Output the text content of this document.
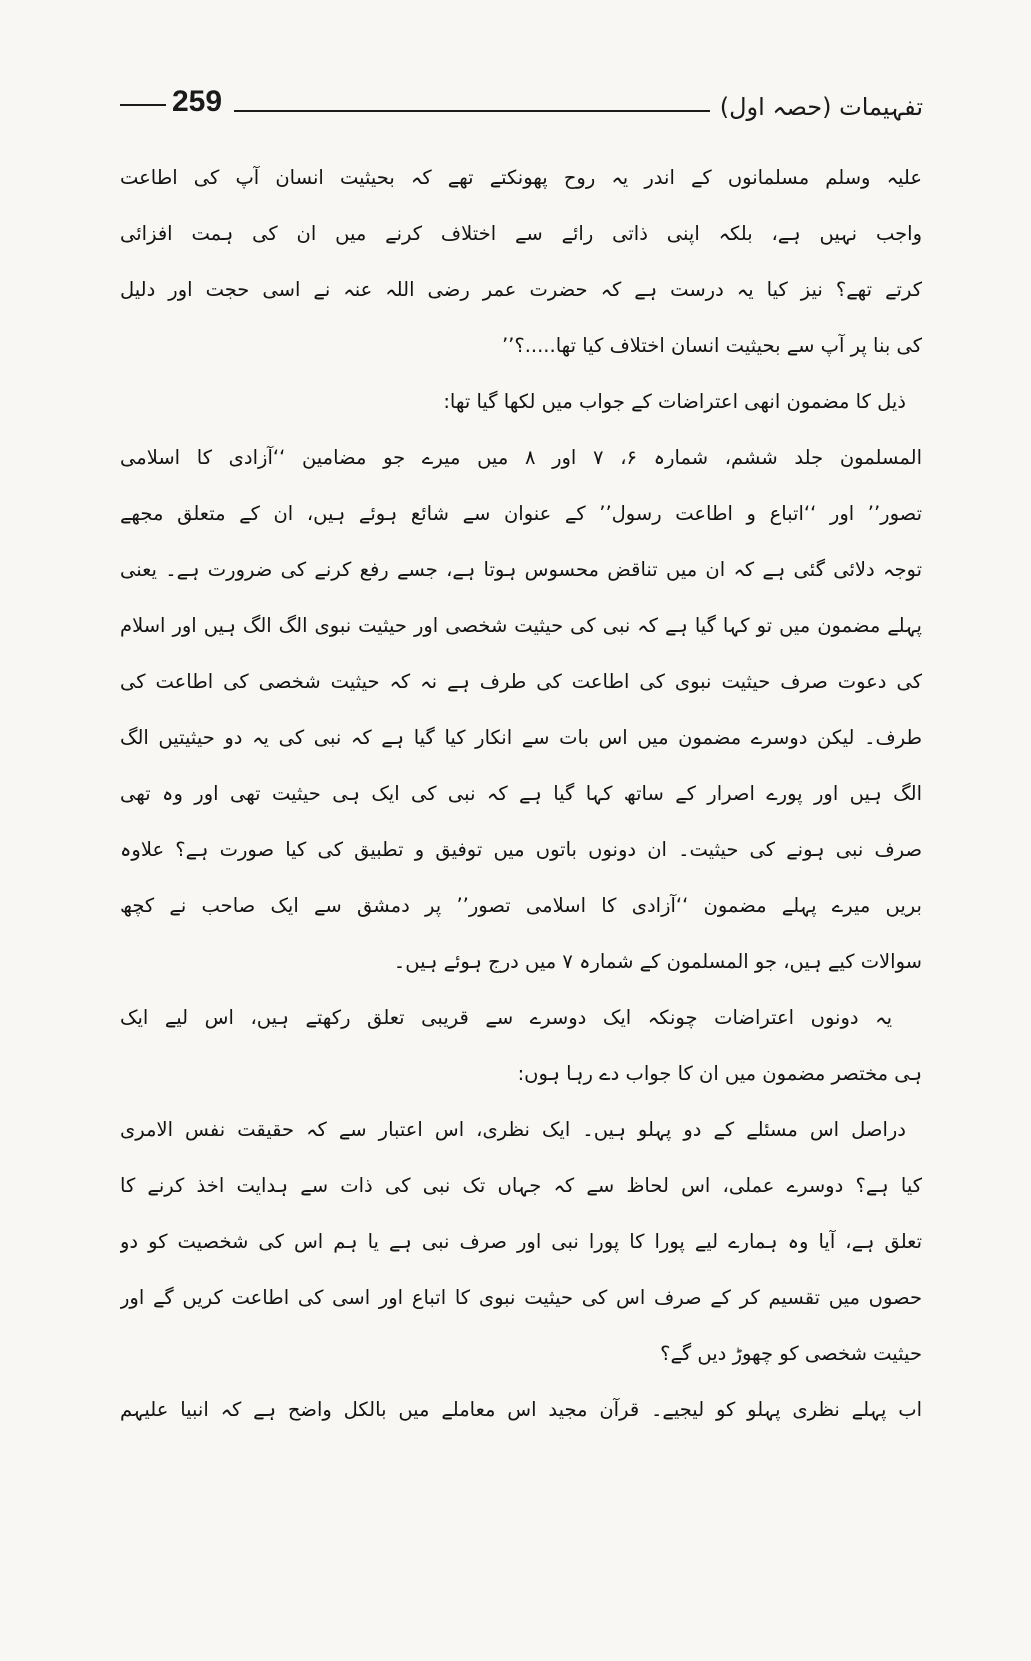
259	تفہیمات (حصہ اول)
علیہ وسلم مسلمانوں کے اندر یہ روح پھونکتے تھے کہ بحیثیت انسان آپ کی اطاعت
واجب نہیں ہے، بلکہ اپنی ذاتی رائے سے اختلاف کرنے میں ان کی ہمت افزائی
کرتے تھے؟ نیز کیا یہ درست ہے کہ حضرت عمر رضی اللہ عنہ نے اسی حجت اور دلیل
کی بنا پر آپ سے بحیثیت انسان اختلاف کیا تھا.....؟’’
ذیل کا مضمون انھی اعتراضات کے جواب میں لکھا گیا تھا:
المسلمون جلد ششم، شمارہ ۶، ۷ اور ۸ میں میرے جو مضامین ‘‘آزادی کا اسلامی
تصور’’ اور ‘‘اتباع و اطاعت رسول’’ کے عنوان سے شائع ہوئے ہیں، ان کے متعلق مجھے
توجہ دلائی گئی ہے کہ ان میں تناقض محسوس ہوتا ہے، جسے رفع کرنے کی ضرورت ہے۔ یعنی
پہلے مضمون میں تو کہا گیا ہے کہ نبی کی حیثیت شخصی اور حیثیت نبوی الگ الگ ہیں اور اسلام
کی دعوت صرف حیثیت نبوی کی اطاعت کی طرف ہے نہ کہ حیثیت شخصی کی اطاعت کی
طرف۔ لیکن دوسرے مضمون میں اس بات سے انکار کیا گیا ہے کہ نبی کی یہ دو حیثیتیں الگ
الگ ہیں اور پورے اصرار کے ساتھ کہا گیا ہے کہ نبی کی ایک ہی حیثیت تھی اور وہ تھی
صرف نبی ہونے کی حیثیت۔ ان دونوں باتوں میں توفیق و تطبیق کی کیا صورت ہے؟ علاوہ
بریں میرے پہلے مضمون ‘‘آزادی کا اسلامی تصور’’ پر دمشق سے ایک صاحب نے کچھ
سوالات کیے ہیں، جو المسلمون کے شمارہ ۷ میں درج ہوئے ہیں۔
یہ دونوں اعتراضات چونکہ ایک دوسرے سے قریبی تعلق رکھتے ہیں، اس لیے ایک
ہی مختصر مضمون میں ان کا جواب دے رہا ہوں:
دراصل اس مسئلے کے دو پہلو ہیں۔ ایک نظری، اس اعتبار سے کہ حقیقت نفس الامری
کیا ہے؟ دوسرے عملی، اس لحاظ سے کہ جہاں تک نبی کی ذات سے ہدایت اخذ کرنے کا
تعلق ہے، آیا وہ ہمارے لیے پورا کا پورا نبی اور صرف نبی ہے یا ہم اس کی شخصیت کو دو
حصوں میں تقسیم کر کے صرف اس کی حیثیت نبوی کا اتباع اور اسی کی اطاعت کریں گے اور
حیثیت شخصی کو چھوڑ دیں گے؟
اب پہلے نظری پہلو کو لیجیے۔ قرآن مجید اس معاملے میں بالکل واضح ہے کہ انبیا علیہم
